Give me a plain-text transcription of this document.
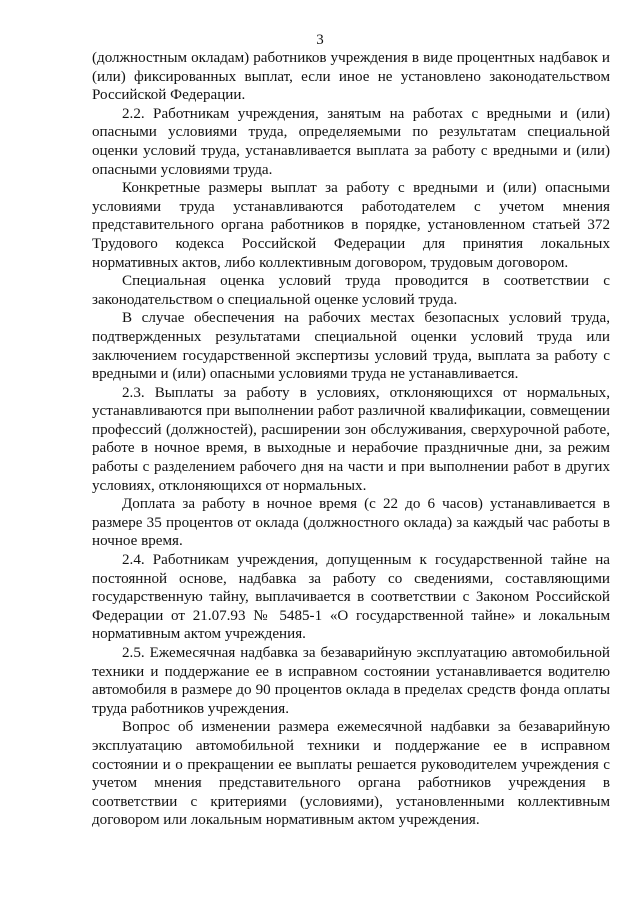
3

(должностным окладам) работников учреждения в виде процентных надбавок и (или) фиксированных выплат, если иное не установлено законодательством Российской Федерации.

2.2. Работникам учреждения, занятым на работах с вредными и (или) опасными условиями труда, определяемыми по результатам специальной оценки условий труда, устанавливается выплата за работу с вредными и (или) опасными условиями труда.

Конкретные размеры выплат за работу с вредными и (или) опасными условиями труда устанавливаются работодателем с учетом мнения представительного органа работников в порядке, установленном статьей 372 Трудового кодекса Российской Федерации для принятия локальных нормативных актов, либо коллективным договором, трудовым договором.

Специальная оценка условий труда проводится в соответствии с законодательством о специальной оценке условий труда.

В случае обеспечения на рабочих местах безопасных условий труда, подтвержденных результатами специальной оценки условий труда или заключением государственной экспертизы условий труда, выплата за работу с вредными и (или) опасными условиями труда не устанавливается.

2.3. Выплаты за работу в условиях, отклоняющихся от нормальных, устанавливаются при выполнении работ различной квалификации, совмещении профессий (должностей), расширении зон обслуживания, сверхурочной работе, работе в ночное время, в выходные и нерабочие праздничные дни, за режим работы с разделением рабочего дня на части и при выполнении работ в других условиях, отклоняющихся от нормальных.

Доплата за работу в ночное время (с 22 до 6 часов) устанавливается в размере 35 процентов от оклада (должностного оклада) за каждый час работы в ночное время.

2.4. Работникам учреждения, допущенным к государственной тайне на постоянной основе, надбавка за работу со сведениями, составляющими государственную тайну, выплачивается в соответствии с Законом Российской Федерации от 21.07.93 № 5485-1 «О государственной тайне» и локальным нормативным актом учреждения.

2.5. Ежемесячная надбавка за безаварийную эксплуатацию автомобильной техники и поддержание ее в исправном состоянии устанавливается водителю автомобиля в размере до 90 процентов оклада в пределах средств фонда оплаты труда работников учреждения.

Вопрос об изменении размера ежемесячной надбавки за безаварийную эксплуатацию автомобильной техники и поддержание ее в исправном состоянии и о прекращении ее выплаты решается руководителем учреждения с учетом мнения представительного органа работников учреждения в соответствии с критериями (условиями), установленными коллективным договором или локальным нормативным актом учреждения.
